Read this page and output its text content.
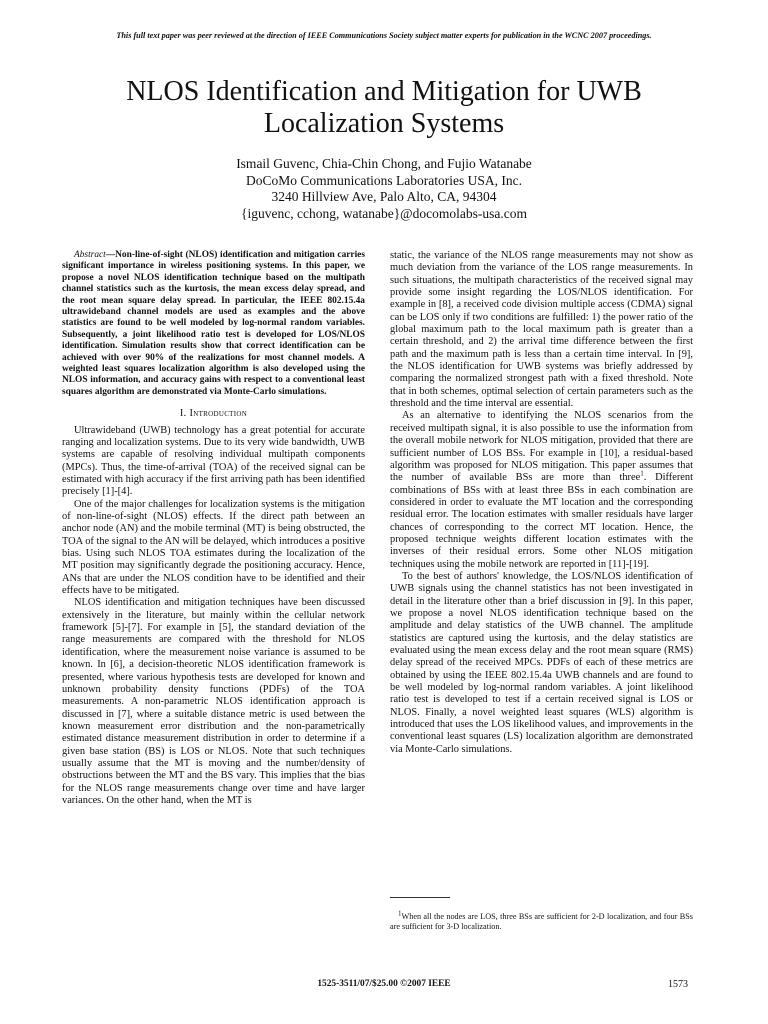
This full text paper was peer reviewed at the direction of IEEE Communications Society subject matter experts for publication in the WCNC 2007 proceedings.
NLOS Identification and Mitigation for UWB
Localization Systems
Ismail Guvenc, Chia-Chin Chong, and Fujio Watanabe
DoCoMo Communications Laboratories USA, Inc.
3240 Hillview Ave, Palo Alto, CA, 94304
{iguvenc, cchong, watanabe}@docomolabs-usa.com

Abstract—Non-line-of-sight (NLOS) identification and mitigation carries significant importance in wireless positioning systems. In this paper, we propose a novel NLOS identification technique based on the multipath channel statistics such as the kurtosis, the mean excess delay spread, and the root mean square delay spread. In particular, the IEEE 802.15.4a ultrawideband channel models are used as examples and the above statistics are found to be well modeled by log-normal random variables. Subsequently, a joint likelihood ratio test is developed for LOS/NLOS identification. Simulation results show that correct identification can be achieved with over 90% of the realizations for most channel models. A weighted least squares localization algorithm is also developed using the NLOS information, and accuracy gains with respect to a conventional least squares algorithm are demonstrated via Monte-Carlo simulations.

I. Introduction

Ultrawideband (UWB) technology has a great potential for accurate ranging and localization systems. Due to its very wide bandwidth, UWB systems are capable of resolving individual multipath components (MPCs). Thus, the time-of-arrival (TOA) of the received signal can be estimated with high accuracy if the first arriving path has been identified precisely [1]-[4].

One of the major challenges for localization systems is the mitigation of non-line-of-sight (NLOS) effects. If the direct path between an anchor node (AN) and the mobile terminal (MT) is being obstructed, the TOA of the signal to the AN will be delayed, which introduces a positive bias. Using such NLOS TOA estimates during the localization of the MT position may significantly degrade the positioning accuracy. Hence, ANs that are under the NLOS condition have to be identified and their effects have to be mitigated.

NLOS identification and mitigation techniques have been discussed extensively in the literature, but mainly within the cellular network framework [5]-[7]. For example in [5], the standard deviation of the range measurements are compared with the threshold for NLOS identification, where the measurement noise variance is assumed to be known. In [6], a decision-theoretic NLOS identification framework is presented, where various hypothesis tests are developed for known and unknown probability density functions (PDFs) of the TOA measurements. A non-parametric NLOS identification approach is discussed in [7], where a suitable distance metric is used between the known measurement error distribution and the non-parametrically estimated distance measurement distribution in order to determine if a given base station (BS) is LOS or NLOS. Note that such techniques usually assume that the MT is moving and the number/density of obstructions between the MT and the BS vary. This implies that the bias for the NLOS range measurements change over time and have larger variances. On the other hand, when the MT is

static, the variance of the NLOS range measurements may not show as much deviation from the variance of the LOS range measurements. In such situations, the multipath characteristics of the received signal may provide some insight regarding the LOS/NLOS identification. For example in [8], a received code division multiple access (CDMA) signal can be LOS only if two conditions are fulfilled: 1) the power ratio of the global maximum path to the local maximum path is greater than a certain threshold, and 2) the arrival time difference between the first path and the maximum path is less than a certain time interval. In [9], the NLOS identification for UWB systems was briefly addressed by comparing the normalized strongest path with a fixed threshold. Note that in both schemes, optimal selection of certain parameters such as the threshold and the time interval are essential.

As an alternative to identifying the NLOS scenarios from the received multipath signal, it is also possible to use the information from the overall mobile network for NLOS mitigation, provided that there are sufficient number of LOS BSs. For example in [10], a residual-based algorithm was proposed for NLOS mitigation. This paper assumes that the number of available BSs are more than three$^1$. Different combinations of BSs with at least three BSs in each combination are considered in order to evaluate the MT location and the corresponding residual error. The location estimates with smaller residuals have larger chances of corresponding to the correct MT location. Hence, the proposed technique weights different location estimates with the inverses of their residual errors. Some other NLOS mitigation techniques using the mobile network are reported in [11]-[19].

To the best of authors' knowledge, the LOS/NLOS identification of UWB signals using the channel statistics has not been investigated in detail in the literature other than a brief discussion in [9]. In this paper, we propose a novel NLOS identification technique based on the amplitude and delay statistics of the UWB channel. The amplitude statistics are captured using the kurtosis, and the delay statistics are evaluated using the mean excess delay and the root mean square (RMS) delay spread of the received MPCs. PDFs of each of these metrics are obtained by using the IEEE 802.15.4a UWB channels and are found to be well modeled by log-normal random variables. A joint likelihood ratio test is developed to test if a certain received signal is LOS or NLOS. Finally, a novel weighted least squares (WLS) algorithm is introduced that uses the LOS likelihood values, and improvements in the conventional least squares (LS) localization algorithm are demonstrated via Monte-Carlo simulations.

$^1$When all the nodes are LOS, three BSs are sufficient for 2-D localization, and four BSs are sufficient for 3-D localization.
1525-3511/07/$25.00 ©2007 IEEE	1573
